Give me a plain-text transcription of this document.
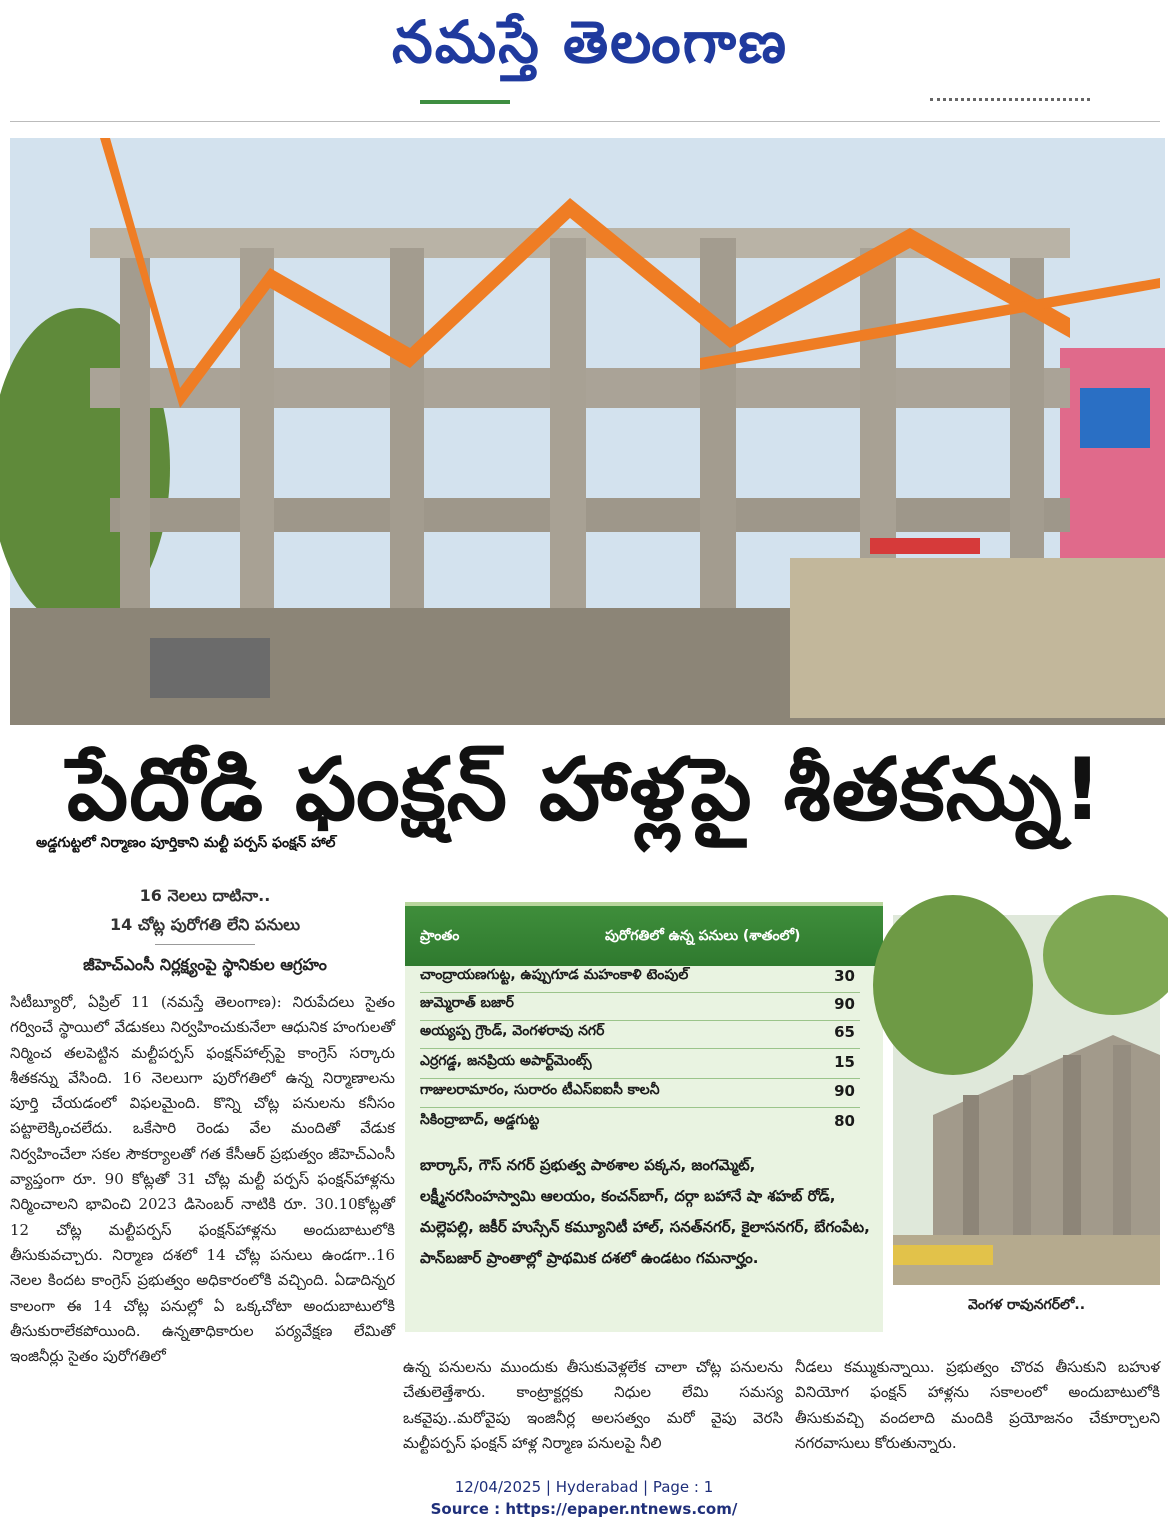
నమస్తే తెలంగాణ
అడ్డగుట్టలో నిర్మాణం పూర్తికాని మల్టీ పర్పస్ ఫంక్షన్ హాల్
పేదోడి ఫంక్షన్ హాళ్లపై శీతకన్ను!
16 నెలలు దాటినా..
14 చోట్ల పురోగతి లేని పనులు
జీహెచ్ఎంసీ నిర్లక్ష్యంపై స్థానికుల ఆగ్రహం
సిటీబ్యూరో, ఏప్రిల్ 11 (నమస్తే తెలంగాణ): నిరుపేదలు సైతం గర్వించే స్థాయిలో వేడుకలు నిర్వహించుకునేలా ఆధునిక హంగులతో నిర్మించ తలపెట్టిన మల్టీపర్పస్ ఫంక్షన్‌హాల్స్‌పై కాంగ్రెస్ సర్కారు శీతకన్ను వేసింది. 16 నెలలుగా పురోగతిలో ఉన్న నిర్మాణాలను పూర్తి చేయడంలో విఫలమైంది. కొన్ని చోట్ల పనులను కనీసం పట్టాలెక్కించలేదు. ఒకేసారి రెండు వేల మందితో వేడుక నిర్వహించేలా సకల సౌకర్యాలతో గత కేసీఆర్ ప్రభుత్వం జీహెచ్ఎంసీ వ్యాప్తంగా రూ. 90 కోట్లతో 31 చోట్ల మల్టీ పర్పస్ ఫంక్షన్‌హాళ్లను నిర్మించాలని భావించి 2023 డిసెంబర్ నాటికి రూ. 30.10కోట్లతో 12 చోట్ల మల్టీపర్పస్ ఫంక్షన్‌హాళ్లను అందుబాటులోకి తీసుకువచ్చారు. నిర్మాణ దశలో 14 చోట్ల పనులు ఉండగా..16 నెలల కిందట కాంగ్రెస్ ప్రభుత్వం అధికారంలోకి వచ్చింది. ఏడాదిన్నర కాలంగా ఈ 14 చోట్ల పనుల్లో ఏ ఒక్కచోటా అందుబాటులోకి తీసుకురాలేకపోయింది. ఉన్నతాధికారుల పర్యవేక్షణ లేమితో ఇంజినీర్లు సైతం పురోగతిలో
ప్రాంతం	పురోగతిలో ఉన్న పనులు (శాతంలో)
చాంద్రాయణగుట్ట, ఉప్పుగూడ మహంకాళి టెంపుల్	30
జుమ్మెరాత్ బజార్	90
అయ్యప్ప గ్రౌండ్, వెంగళరావు నగర్	65
ఎర్రగడ్డ, జనప్రియ అపార్ట్‌మెంట్స్	15
గాజులరామారం, సురారం టీఎస్ఐఐసీ కాలనీ	90
సికింద్రాబాద్, అడ్డగుట్ట	80
బార్కాస్, గౌస్ నగర్ ప్రభుత్వ పాఠశాల పక్కన, జంగమ్మెట్, లక్ష్మీనరసింహస్వామి ఆలయం, కంచన్‌బాగ్, దర్గా బహానే షా శహబ్ రోడ్, మల్లెపల్లి, జకీర్ హుస్సేన్ కమ్యూనిటీ హాల్, సనత్‌నగర్, కైలాసనగర్, బేగంపేట, పాన్‌బజార్ ప్రాంతాల్లో ప్రాథమిక దశలో ఉండటం గమనార్హం.
వెంగళ రావునగర్‌లో..
ఉన్న పనులను ముందుకు తీసుకువెళ్లలేక చాలా చోట్ల పనులను చేతులెత్తేశారు. కాంట్రాక్టర్లకు నిధుల లేమి సమస్య ఒకవైపు..మరోవైపు ఇంజినీర్ల అలసత్వం మరో వైపు వెరసి మల్టీపర్పస్ ఫంక్షన్ హాళ్ల నిర్మాణ పనులపై నీలి
నీడలు కమ్ముకున్నాయి. ప్రభుత్వం చొరవ తీసుకుని బహుళ వినియోగ ఫంక్షన్ హాళ్లను సకాలంలో అందుబాటులోకి తీసుకువచ్చి వందలాది మందికి ప్రయోజనం చేకూర్చాలని నగరవాసులు కోరుతున్నారు.
12/04/2025 | Hyderabad | Page : 1
Source : https://epaper.ntnews.com/
